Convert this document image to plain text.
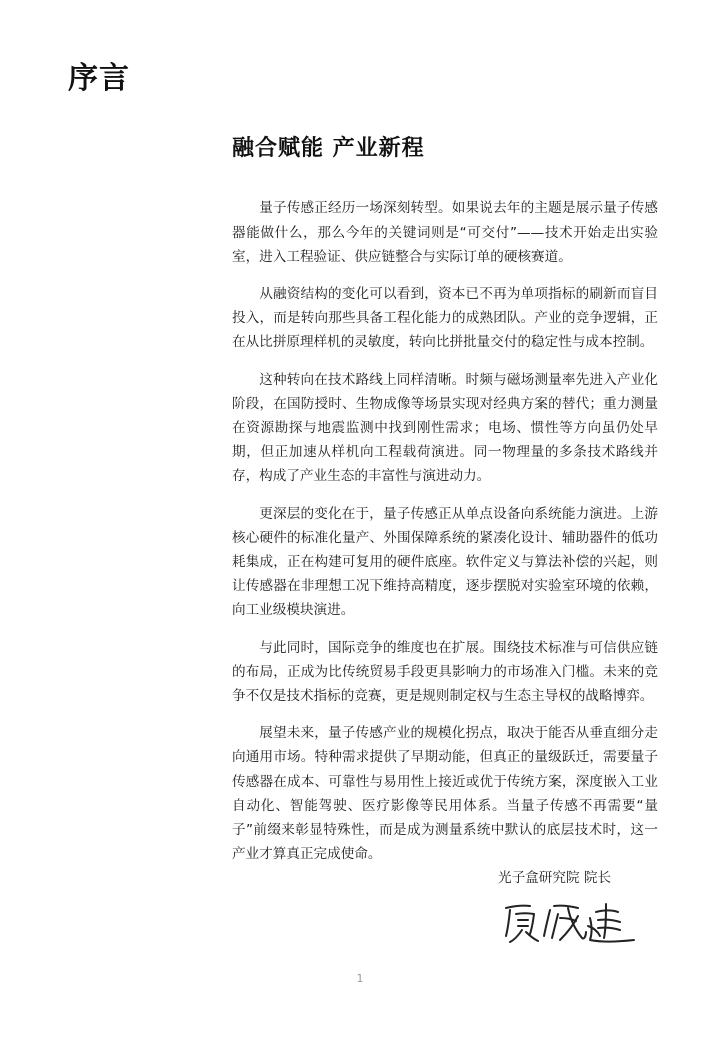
序言
融合赋能 产业新程

量子传感正经历一场深刻转型。如果说去年的主题是展示量子传感器能做什么，那么今年的关键词则是“可交付”——技术开始走出实验室，进入工程验证、供应链整合与实际订单的硬核赛道。

从融资结构的变化可以看到，资本已不再为单项指标的刷新而盲目投入，而是转向那些具备工程化能力的成熟团队。产业的竞争逻辑，正在从比拼原理样机的灵敏度，转向比拼批量交付的稳定性与成本控制。

这种转向在技术路线上同样清晰。时频与磁场测量率先进入产业化阶段，在国防授时、生物成像等场景实现对经典方案的替代；重力测量在资源勘探与地震监测中找到刚性需求；电场、惯性等方向虽仍处早期，但正加速从样机向工程载荷演进。同一物理量的多条技术路线并存，构成了产业生态的丰富性与演进动力。

更深层的变化在于，量子传感正从单点设备向系统能力演进。上游核心硬件的标准化量产、外围保障系统的紧凑化设计、辅助器件的低功耗集成，正在构建可复用的硬件底座。软件定义与算法补偿的兴起，则让传感器在非理想工况下维持高精度，逐步摆脱对实验室环境的依赖，向工业级模块演进。

与此同时，国际竞争的维度也在扩展。围绕技术标准与可信供应链的布局，正成为比传统贸易手段更具影响力的市场准入门槛。未来的竞争不仅是技术指标的竞赛，更是规则制定权与生态主导权的战略博弈。

展望未来，量子传感产业的规模化拐点，取决于能否从垂直细分走向通用市场。特种需求提供了早期动能，但真正的量级跃迁，需要量子传感器在成本、可靠性与易用性上接近或优于传统方案，深度嵌入工业自动化、智能驾驶、医疗影像等民用体系。当量子传感不再需要“量子”前缀来彰显特殊性，而是成为测量系统中默认的底层技术时，这一产业才算真正完成使命。

光子盒研究院 院长

1
